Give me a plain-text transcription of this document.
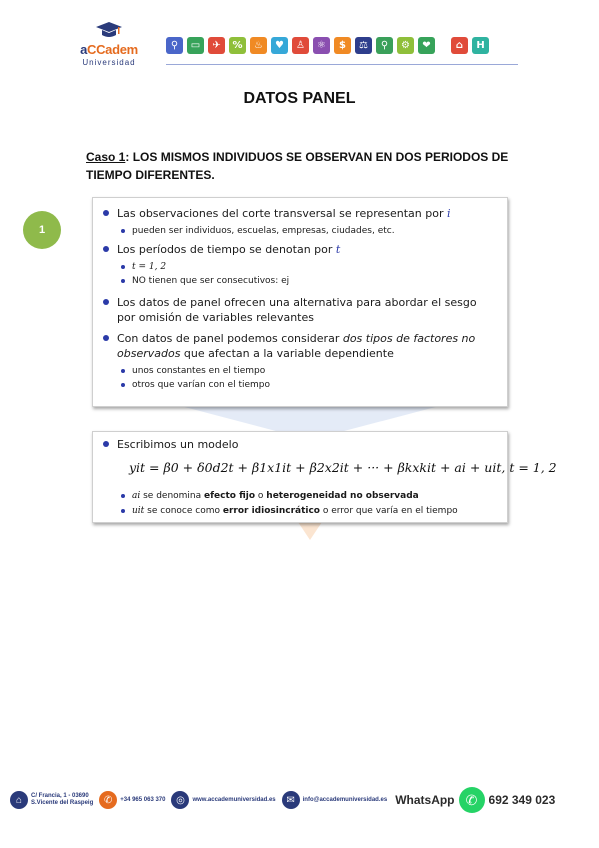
aCCadem
Universidad
⚲	▭	✈	%	♨	♥	♙	⚛	$	⚖	⚲	⚙	❤	⌂	H
DATOS PANEL
Caso 1: LOS MISMOS INDIVIDUOS SE OBSERVAN EN DOS PERIODOS DE TIEMPO DIFERENTES.
1
Las observaciones del corte transversal se representan por i
pueden ser individuos, escuelas, empresas, ciudades, etc.
Los períodos de tiempo se denotan por t
t = 1, 2
NO tienen que ser consecutivos: ej
Los datos de panel ofrecen una alternativa para abordar el sesgo por omisión de variables relevantes
Con datos de panel podemos considerar dos tipos de factores no observados que afectan a la variable dependiente
unos constantes en el tiempo
otros que varían con el tiempo
Escribimos un modelo
yit = β0 + δ0d2t + β1x1it + β2x2it + ··· + βkxkit + ai + uit, t = 1, 2
ai se denomina efecto fijo o heterogeneidad no observada
uit se conoce como error idiosincrático o error que varía en el tiempo
⌂	C/ Francia, 1 - 03690
S.Vicente del Raspeig	✆	+34 965 063 370	◎	www.accademuniversidad.es	✉	info@accademuniversidad.es WhatsApp ✆ 692 349 023
